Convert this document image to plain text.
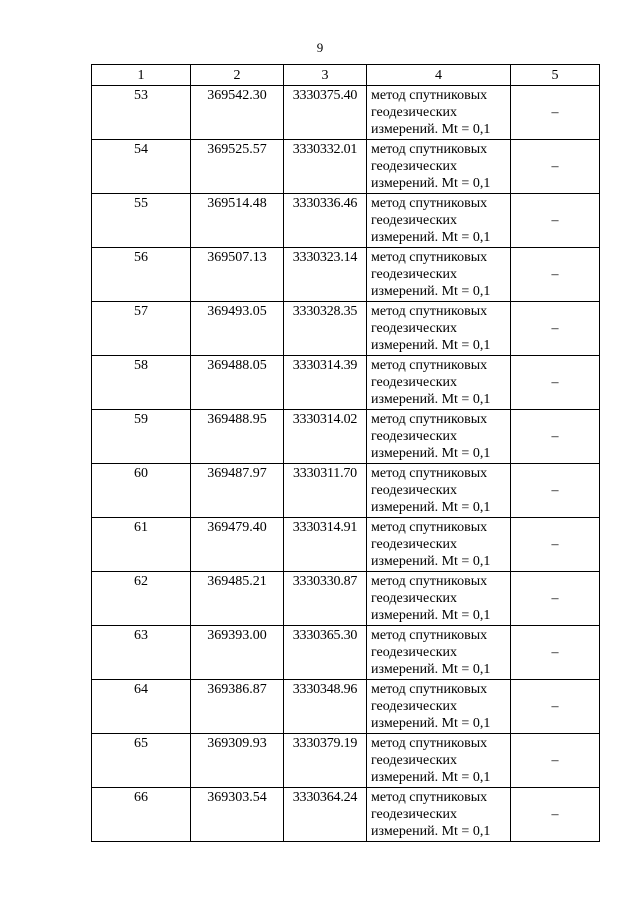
9
1	2	3	4	5
53	369542.30	3330375.40	метод спутниковых
геодезических
измерений. Mt = 0,1	–
54	369525.57	3330332.01	метод спутниковых
геодезических
измерений. Mt = 0,1	–
55	369514.48	3330336.46	метод спутниковых
геодезических
измерений. Mt = 0,1	–
56	369507.13	3330323.14	метод спутниковых
геодезических
измерений. Mt = 0,1	–
57	369493.05	3330328.35	метод спутниковых
геодезических
измерений. Mt = 0,1	–
58	369488.05	3330314.39	метод спутниковых
геодезических
измерений. Mt = 0,1	–
59	369488.95	3330314.02	метод спутниковых
геодезических
измерений. Mt = 0,1	–
60	369487.97	3330311.70	метод спутниковых
геодезических
измерений. Mt = 0,1	–
61	369479.40	3330314.91	метод спутниковых
геодезических
измерений. Mt = 0,1	–
62	369485.21	3330330.87	метод спутниковых
геодезических
измерений. Mt = 0,1	–
63	369393.00	3330365.30	метод спутниковых
геодезических
измерений. Mt = 0,1	–
64	369386.87	3330348.96	метод спутниковых
геодезических
измерений. Mt = 0,1	–
65	369309.93	3330379.19	метод спутниковых
геодезических
измерений. Mt = 0,1	–
66	369303.54	3330364.24	метод спутниковых
геодезических
измерений. Mt = 0,1	–
